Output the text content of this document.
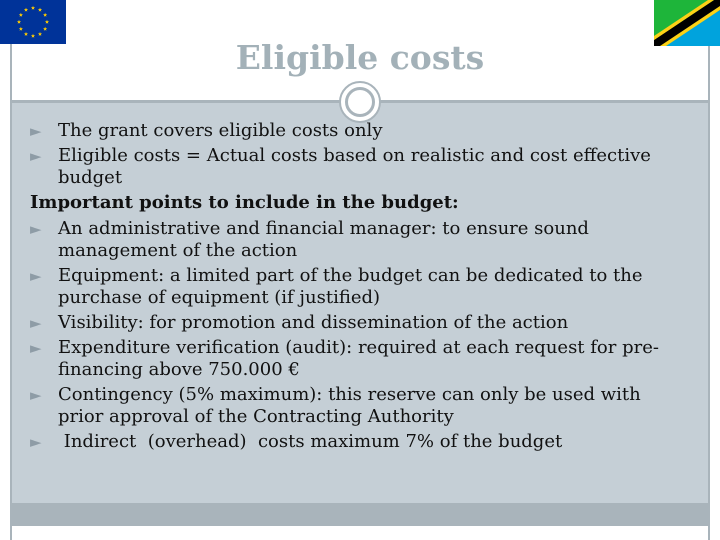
Eligible costs
► The grant covers eligible costs only
► Eligible costs = Actual costs based on realistic and cost effective budget
Important points to include in the budget:
► An administrative and financial manager: to ensure sound management of the action
► Equipment: a limited part of the budget can be dedicated to the purchase of equipment (if justified)
► Visibility: for promotion and dissemination of the action
► Expenditure verification (audit): required at each request for pre-financing above 750.000 €
► Contingency (5% maximum): this reserve can only be used with prior approval of the Contracting Authority
► Indirect  (overhead)  costs maximum 7% of the budget
